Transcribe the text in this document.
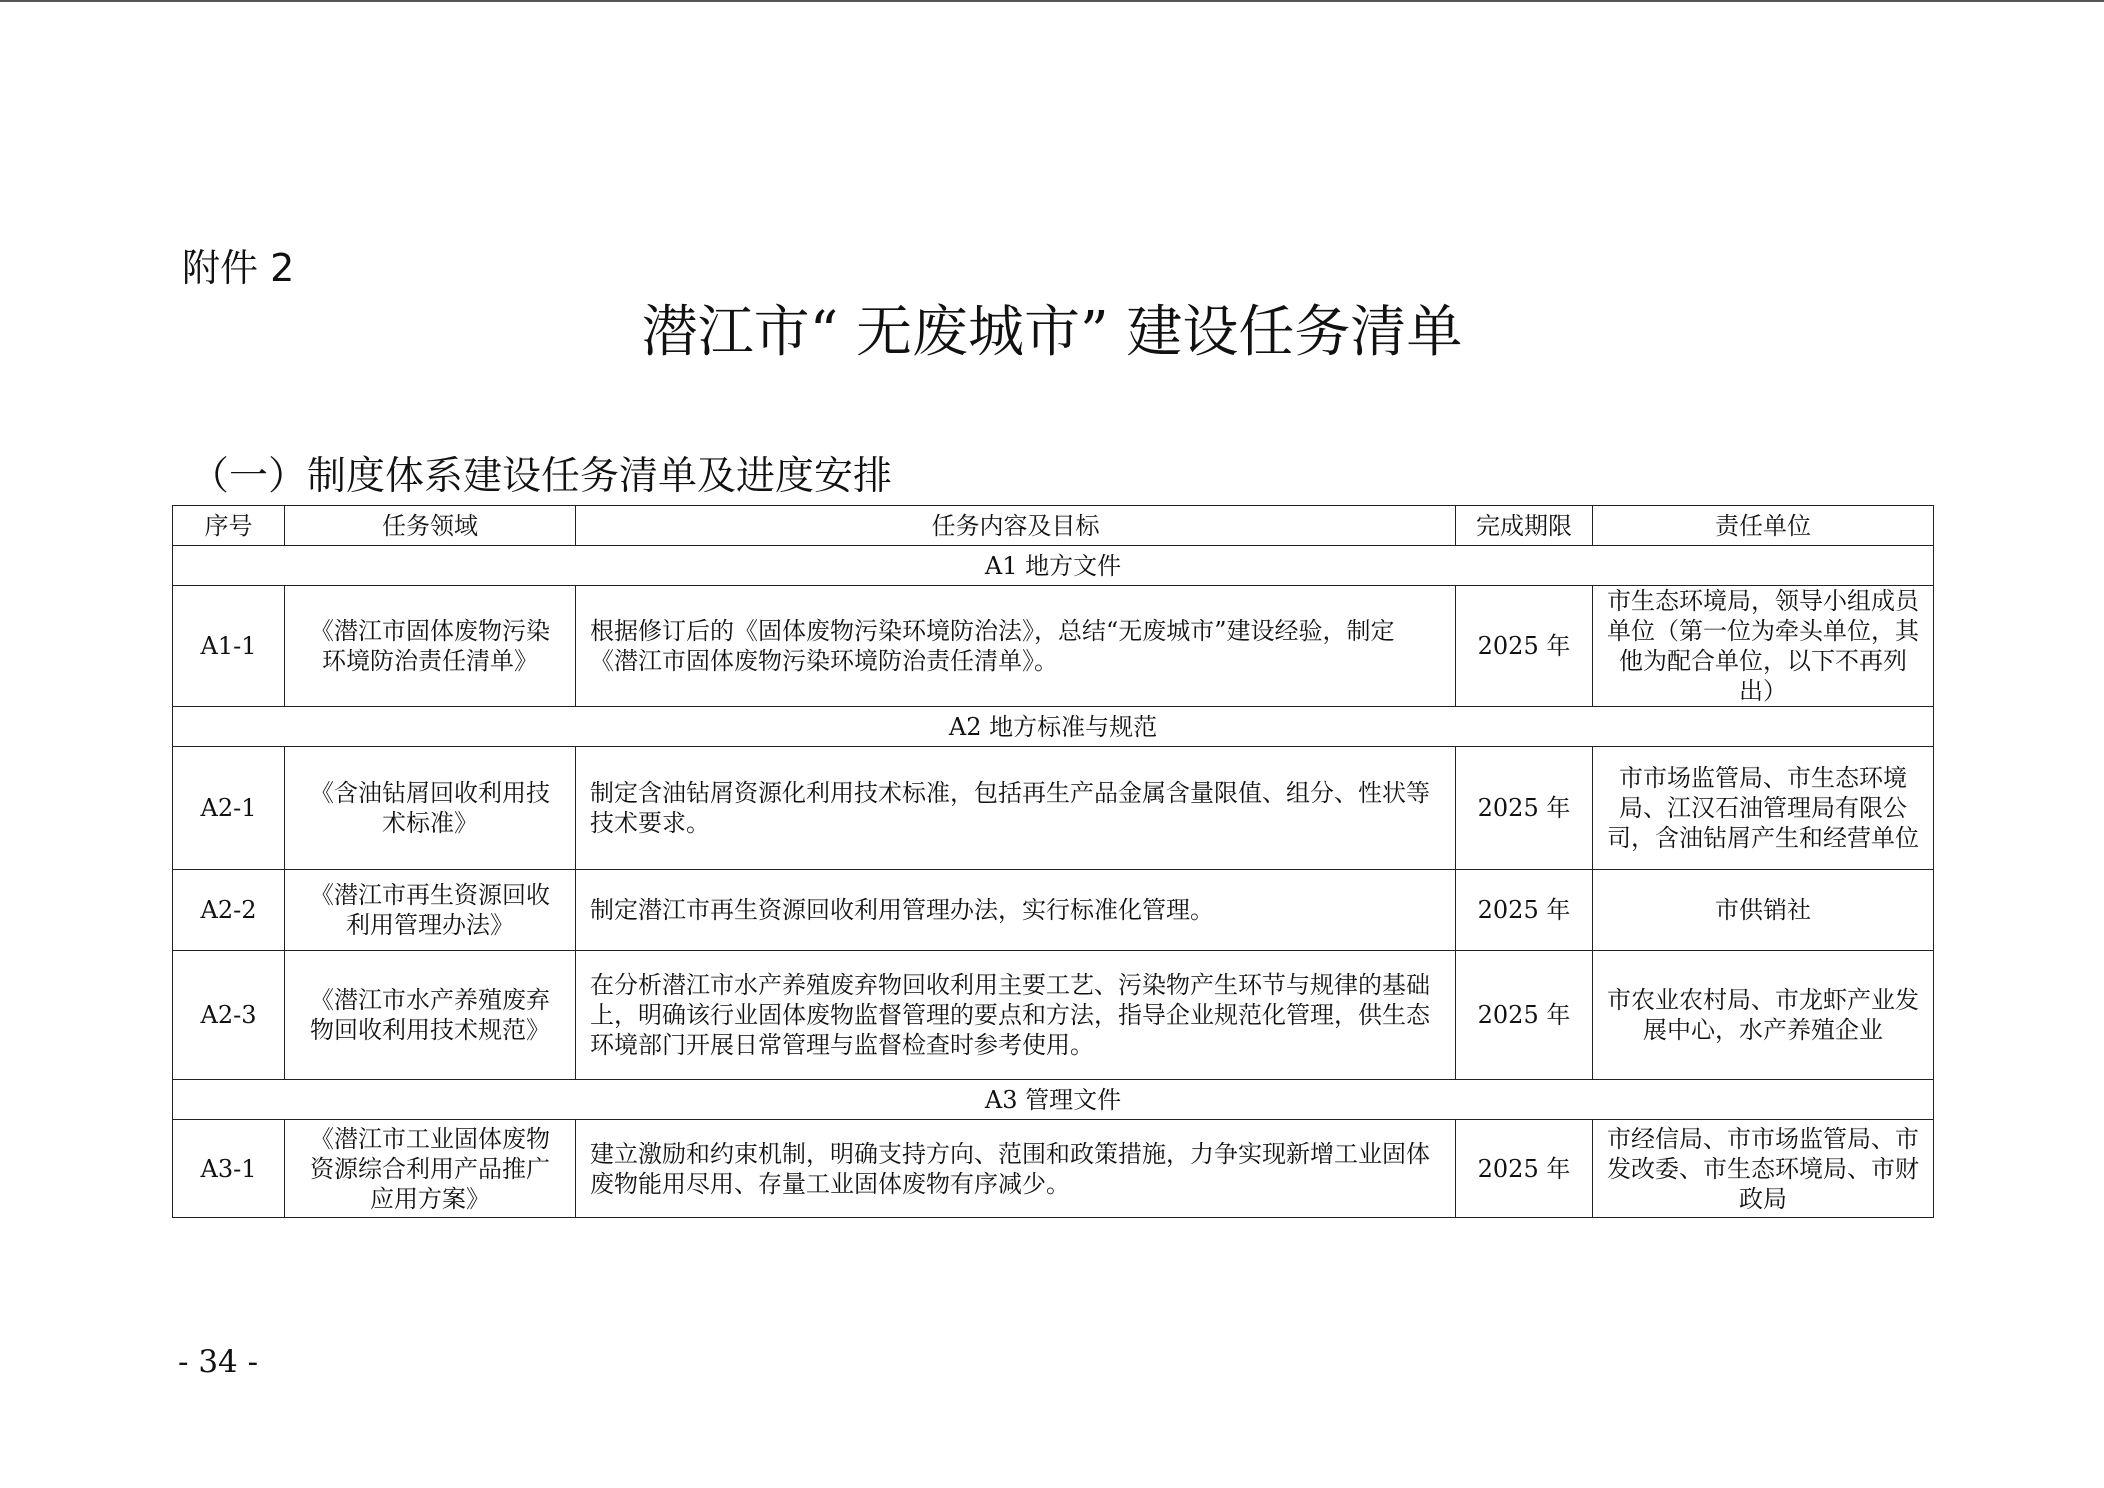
附件 2
潜江市“ 无废城市” 建设任务清单
（一）制度体系建设任务清单及进度安排
序号	任务领域	任务内容及目标	完成期限	责任单位
A1 地方文件				
A1-1	《潜江市固体废物污染环境防治责任清单》	根据修订后的《固体废物污染环境防治法》，总结“无废城市”建设经验，制定《潜江市固体废物污染环境防治责任清单》。	2025 年	市生态环境局，领导小组成员单位（第一位为牵头单位，其他为配合单位，以下不再列出）
A2 地方标准与规范				
A2-1	《含油钻屑回收利用技术标准》	制定含油钻屑资源化利用技术标准，包括再生产品金属含量限值、组分、性状等技术要求。	2025 年	市市场监管局、市生态环境局、江汉石油管理局有限公司，含油钻屑产生和经营单位
A2-2	《潜江市再生资源回收利用管理办法》	制定潜江市再生资源回收利用管理办法，实行标准化管理。	2025 年	市供销社
A2-3	《潜江市水产养殖废弃物回收利用技术规范》	在分析潜江市水产养殖废弃物回收利用主要工艺、污染物产生环节与规律的基础上，明确该行业固体废物监督管理的要点和方法，指导企业规范化管理，供生态环境部门开展日常管理与监督检查时参考使用。	2025 年	市农业农村局、市龙虾产业发展中心，水产养殖企业
A3 管理文件				
A3-1	《潜江市工业固体废物资源综合利用产品推广应用方案》	建立激励和约束机制，明确支持方向、范围和政策措施，力争实现新增工业固体废物能用尽用、存量工业固体废物有序减少。	2025 年	市经信局、市市场监管局、市发改委、市生态环境局、市财政局
- 34 -
